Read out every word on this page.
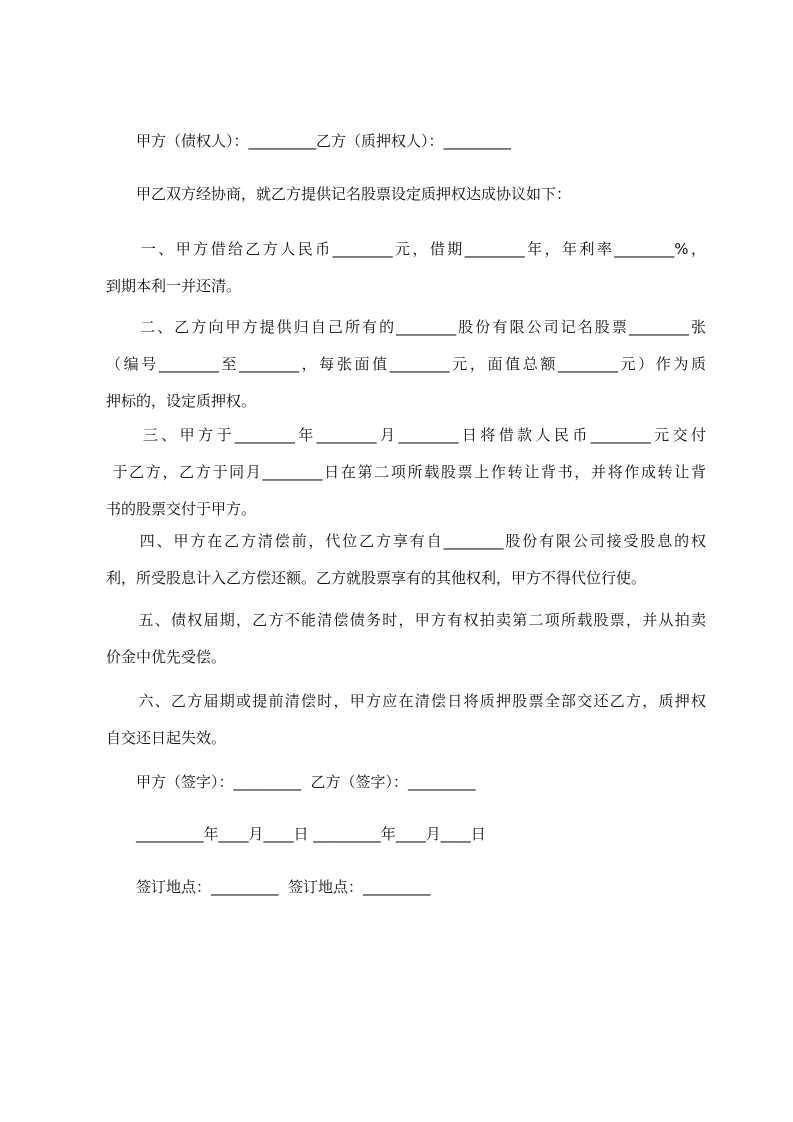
　　甲方（债权人）：_________乙方（质押权人）：_________
　　甲乙双方经协商，就乙方提供记名股票设定质押权达成协议如下：
　　一、甲方借给乙方人民币________元，借期________年，年利率________%，
到期本利一并还清。
　　二、乙方向甲方提供归自己所有的________股份有限公司记名股票________张
（编号________至________，每张面值________元，面值总额________元）作为质
押标的，设定质押权。
　　三、甲方于________年________月________日将借款人民币________元交付
于乙方，乙方于同月________日在第二项所载股票上作转让背书，并将作成转让背
书的股票交付于甲方。
　　四、甲方在乙方清偿前，代位乙方享有自________股份有限公司接受股息的权
利，所受股息计入乙方偿还额。乙方就股票享有的其他权利，甲方不得代位行使。
　　五、债权届期，乙方不能清偿债务时，甲方有权拍卖第二项所载股票，并从拍卖
价金中优先受偿。
　　六、乙方届期或提前清偿时，甲方应在清偿日将质押股票全部交还乙方，质押权
自交还日起失效。
　　甲方（签字）：_________  乙方（签字）：_________
　　_________年____月____日 _________年____月____日
　　签订地点：_________  签订地点：_________
